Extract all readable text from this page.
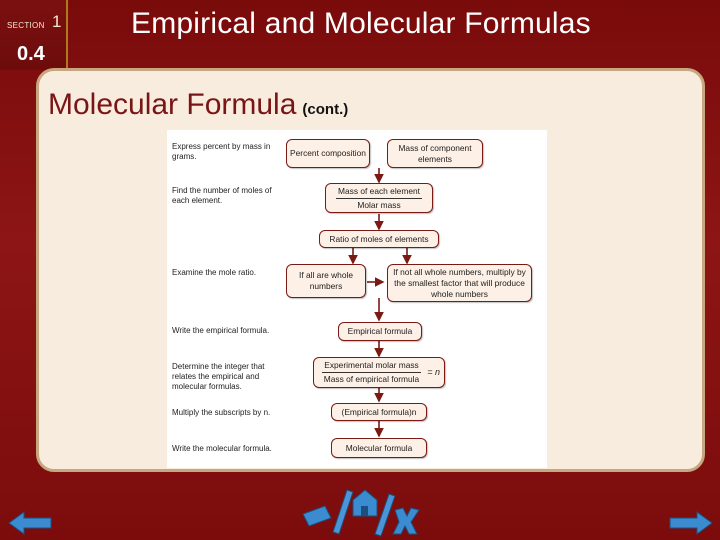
SECTION 1
0.4
Empirical and Molecular Formulas
Molecular Formula (cont.)
Express percent by mass in grams.
Find the number of moles of each element.
Examine the mole ratio.
Write the empirical formula.
Determine the integer that relates the empirical and molecular formulas.
Multiply the subscripts by n.
Write the molecular formula.
Percent composition
Mass of component elements
Mass of each element
Molar mass
Ratio of moles of elements
If all are whole numbers
If not all whole numbers, multiply by the smallest factor that will produce whole numbers
Empirical formula
Experimental molar mass
Mass of empirical formula
= n
(Empirical formula)n
Molecular formula
